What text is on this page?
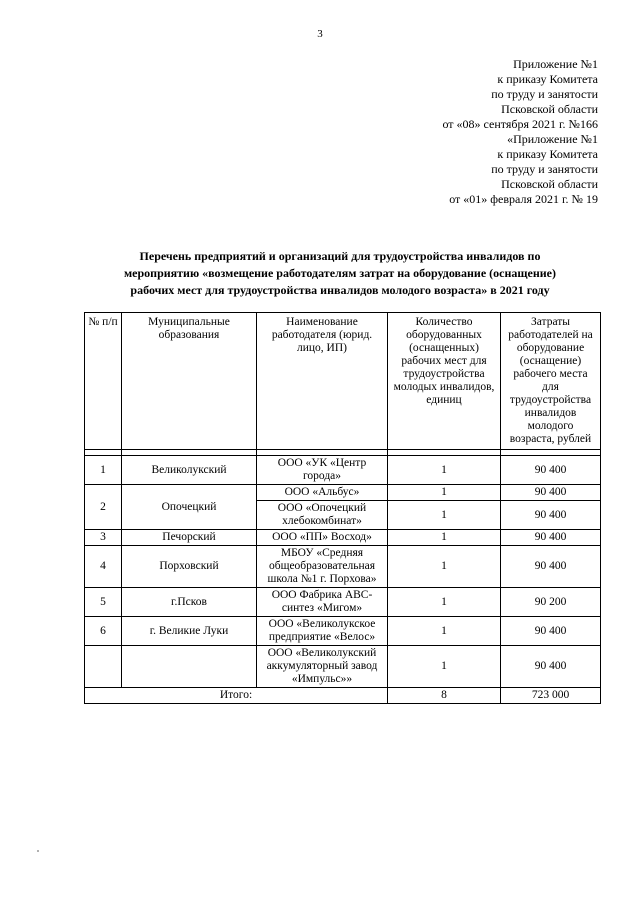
3
Приложение №1
к приказу Комитета
по труду и занятости
Псковской области
от «08» сентября 2021 г. №166
«Приложение №1
к приказу Комитета
по труду и занятости
Псковской области
от «01» февраля 2021 г. № 19
Перечень предприятий и организаций для трудоустройства инвалидов по
мероприятию «возмещение работодателям затрат на оборудование (оснащение)
рабочих мест для трудоустройства инвалидов молодого возраста» в 2021 году
№ п/п	Муниципальные образования	Наименование работодателя (юрид. лицо, ИП)	Количество оборудованных (оснащенных) рабочих мест для трудоустройства молодых инвалидов, единиц	Затраты работодателей на оборудование (оснащение) рабочего места для трудоустройства инвалидов молодого возраста, рублей

1	Великолукский	ООО «УК «Центр города»	1	90 400
2	Опочецкий	ООО «Альбус»	1	90 400
		ООО «Опочецкий хлебокомбинат»	1	90 400
3	Печорский	ООО «ПП» Восход»	1	90 400
4	Порховский	МБОУ «Средняя общеобразовательная школа №1 г. Порхова»	1	90 400
5	г.Псков	ООО Фабрика ABC-синтез «Мигом»	1	90 200
6	г. Великие Луки	ООО «Великолукское предприятие «Велос»	1	90 400
		ООО «Великолукский аккумуляторный завод «Импульс»»	1	90 400
Итого:			8	723 000
